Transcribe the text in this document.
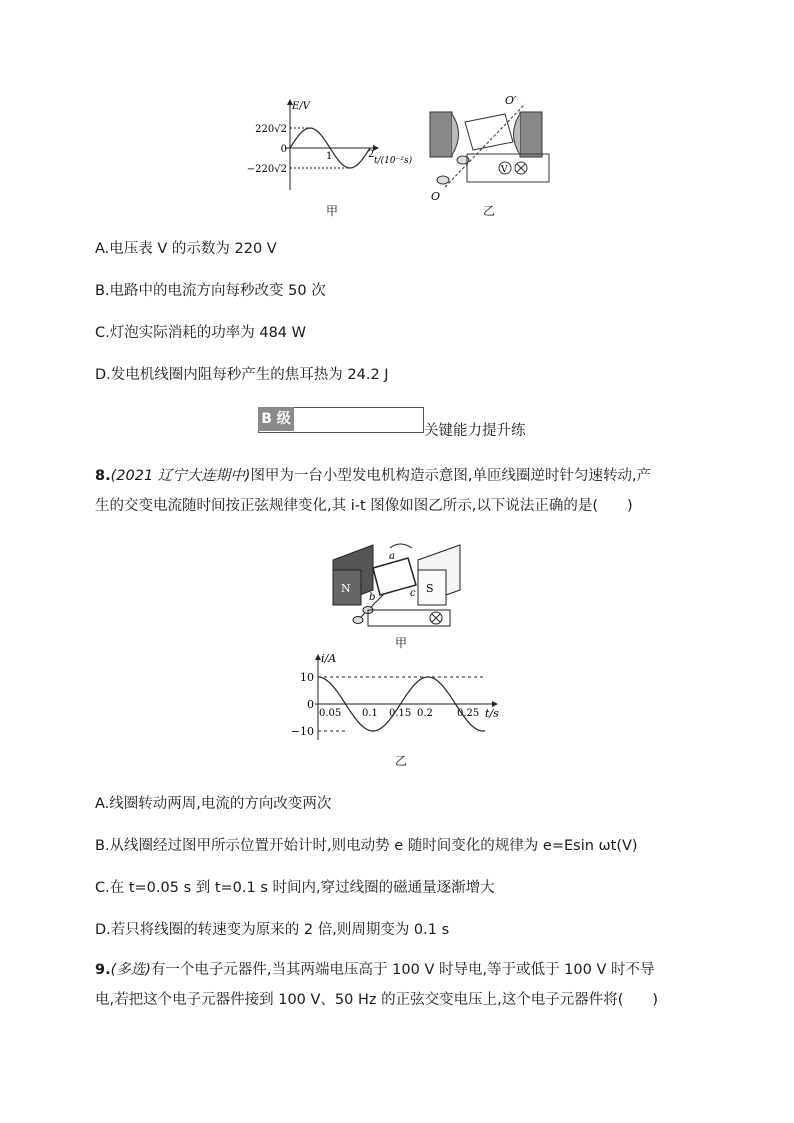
E/V
220√2
0
−220√2
1	2
t/(10⁻²s)
甲
V
O′
O
乙
A.电压表 V 的示数为 220 V
B.电路中的电流方向每秒改变 50 次
C.灯泡实际消耗的功率为 484 W
D.发电机线圈内阻每秒产生的焦耳热为 24.2 J
B 级
关键能力提升练
8.(2021 辽宁大连期中)图甲为一台小型发电机构造示意图,单匝线圈逆时针匀速转动,产
生的交变电流随时间按正弦规律变化,其 i-t 图像如图乙所示,以下说法正确的是(　　)
N	S
a
b	c
甲
i/A
10
0
−10
0.05 0.1 0.15 0.2 0.25 t/s
乙
A.线圈转动两周,电流的方向改变两次
B.从线圈经过图甲所示位置开始计时,则电动势 e 随时间变化的规律为 e=Esin ωt(V)
C.在 t=0.05 s 到 t=0.1 s 时间内,穿过线圈的磁通量逐渐增大
D.若只将线圈的转速变为原来的 2 倍,则周期变为 0.1 s
9.(多选)有一个电子元器件,当其两端电压高于 100 V 时导电,等于或低于 100 V 时不导
电,若把这个电子元器件接到 100 V、50 Hz 的正弦交变电压上,这个电子元器件将(　　)
